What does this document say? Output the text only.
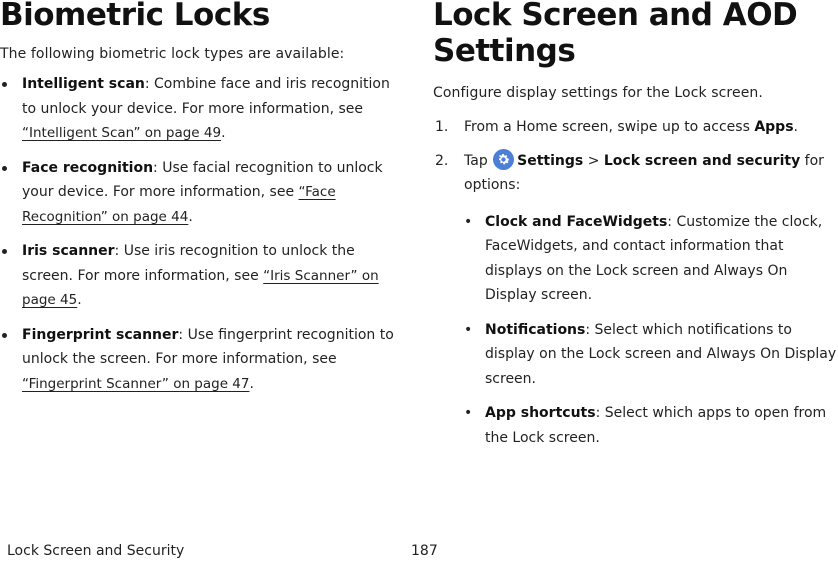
Biometric Locks

The following biometric lock types are available:

Intelligent scan: Combine face and iris recognition to unlock your device. For more information, see “Intelligent Scan” on page 49.
Face recognition: Use facial recognition to unlock your device. For more information, see “Face Recognition” on page 44.
Iris scanner: Use iris recognition to unlock the screen. For more information, see “Iris Scanner” on page 45.
Fingerprint scanner: Use fingerprint recognition to unlock the screen. For more information, see “Fingerprint Scanner” on page 47.
Lock Screen and AOD Settings

Configure display settings for the Lock screen.

1. From a Home screen, swipe up to access Apps.
2. Tap
Settings > Lock screen and security for options:
• Clock and FaceWidgets: Customize the clock, FaceWidgets, and contact information that displays on the Lock screen and Always On Display screen.
• Notifications: Select which notifications to display on the Lock screen and Always On Display screen.
• App shortcuts: Select which apps to open from the Lock screen.
Lock Screen and Security	187
